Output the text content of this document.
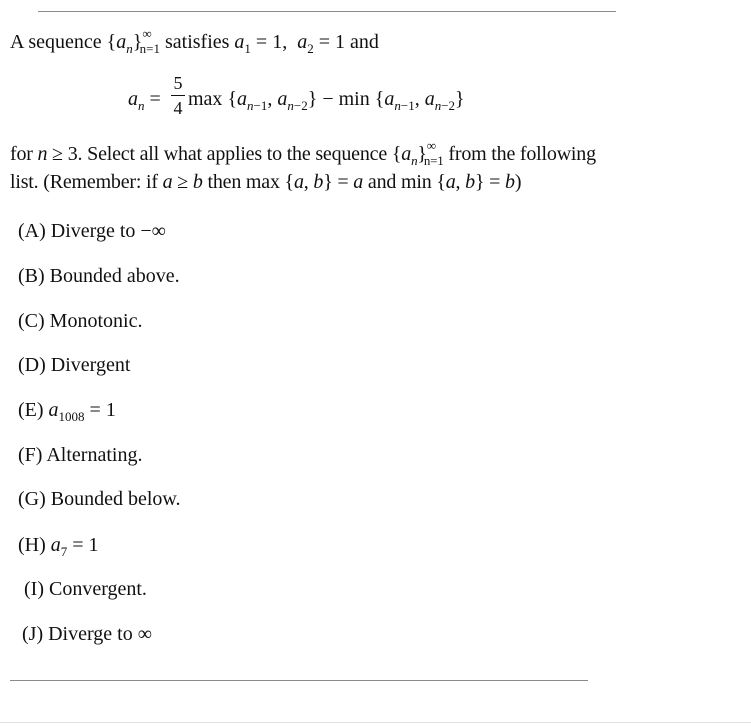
A sequence $\{a_n\}^\infty_{n=1}$ satisfies $a_1 = 1$,  $a_2 = 1$ and
$a_n$ =
5
4 $\max \{a_{n-1}$, $a_{n-2}\} - \min \{a_{n-1}$, $a_{n-2}$}
for n ≥ 3. Select all what applies to the sequence $\{a_n\}^\infty_{n=1}$ from the following
list. (Remember: if a ≥ b then max {a, b} = a and min {a, b} = b)
(A) Diverge to −∞
(B) Bounded above.
(C) Monotonic.
(D) Divergent
(E) $a_{1008} = 1$
(F) Alternating.
(G) Bounded below.
(H) $a_7 = 1$
(I) Convergent.
(J) Diverge to ∞
